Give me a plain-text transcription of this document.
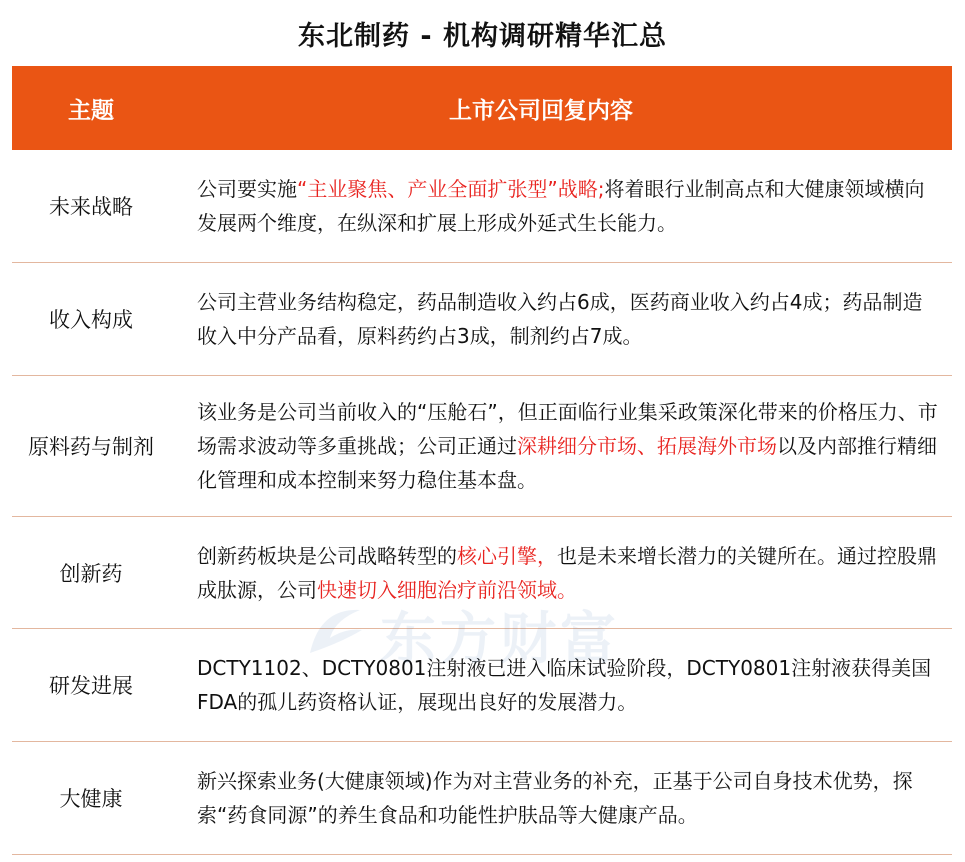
东北制药 - 机构调研精华汇总
主题	上市公司回复内容
未来战略
公司要实施“主业聚焦、产业全面扩张型”战略;将着眼行业制高点和大健康领域横向发展两个维度，在纵深和扩展上形成外延式生长能力。
收入构成
公司主营业务结构稳定，药品制造收入约占6成，医药商业收入约占4成；药品制造收入中分产品看，原料药约占3成，制剂约占7成。
原料药与制剂
该业务是公司当前收入的“压舱石”，但正面临行业集采政策深化带来的价格压力、市场需求波动等多重挑战；公司正通过深耕细分市场、拓展海外市场以及内部推行精细化管理和成本控制来努力稳住基本盘。
创新药
创新药板块是公司战略转型的核心引擎，也是未来增长潜力的关键所在。通过控股鼎成肽源，公司快速切入细胞治疗前沿领域。
研发进展
DCTY1102、DCTY0801注射液已进入临床试验阶段，DCTY0801注射液获得美国FDA的孤儿药资格认证，展现出良好的发展潜力。
大健康
新兴探索业务(大健康领域)作为对主营业务的补充，正基于公司自身技术优势，探索“药食同源”的养生食品和功能性护肤品等大健康产品。
东方财富
